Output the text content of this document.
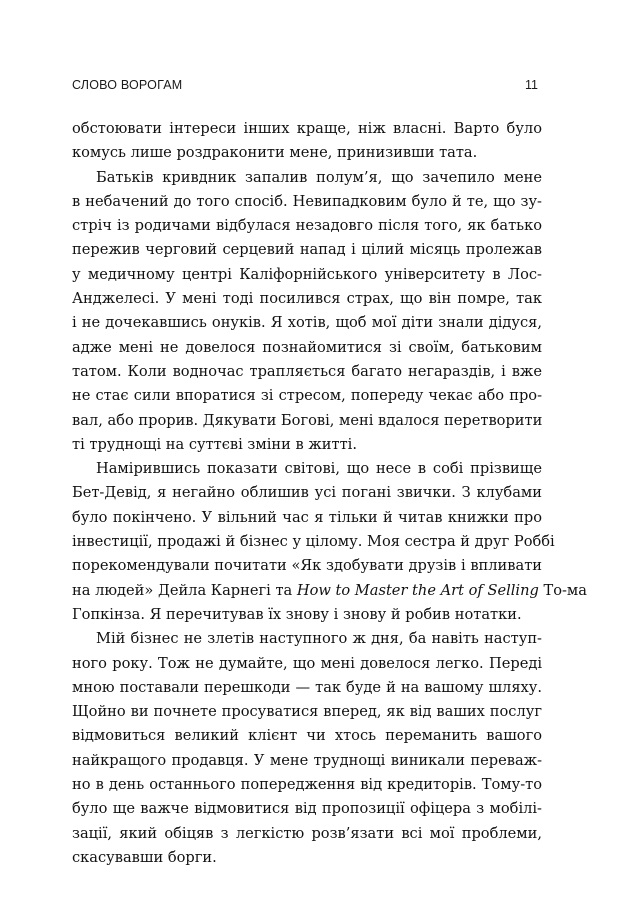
СЛОВО ВОРОГАМ	11
обстоювати інтереси інших краще, ніж власні. Варто було
комусь лише роздраконити мене, принизивши тата.
Батьків кривдник запалив полум’я, що зачепило мене
в небачений до того спосіб. Невипадковим було й те, що зу-
стріч із родичами відбулася незадовго після того, як батько
пережив черговий серцевий напад і цілий місяць пролежав
у медичному центрі Каліфорнійського університету в Лос-
Анджелесі. У мені тоді посилився страх, що він помре, так
і не дочекавшись онуків. Я хотів, щоб мої діти знали дідуся,
адже мені не довелося познайомитися зі своїм, батьковим
татом. Коли водночас трапляється багато негараздів, і вже
не стає сили впоратися зі стресом, попереду чекає або про-
вал, або прорив. Дякувати Богові, мені вдалося перетворити
ті труднощі на суттєві зміни в житті.
Намірившись показати світові, що несе в собі прізвище
Бет-Девід, я негайно облишив усі погані звички. З клубами
було покінчено. У вільний час я тільки й читав книжки про
інвестиції, продажі й бізнес у цілому. Моя сестра й друг Роббі
порекомендували почитати «Як здобувати друзів і впливати
на людей» Дейла Карнегі та How to Master the Art of Selling То-ма
Гопкінза. Я перечитував їх знову і знову й робив нотатки.
Мій бізнес не злетів наступного ж дня, ба навіть наступ-
ного року. Тож не думайте, що мені довелося легко. Переді
мною поставали перешкоди — так буде й на вашому шляху.
Щойно ви почнете просуватися вперед, як від ваших послуг
відмовиться великий клієнт чи хтось переманить вашого
найкращого продавця. У мене труднощі виникали переваж-
но в день останнього попередження від кредиторів. Тому-то
було ще важче відмовитися від пропозиції офіцера з мобілі-
зації, який обіцяв з легкістю розв’язати всі мої проблеми,
скасувавши борги.
